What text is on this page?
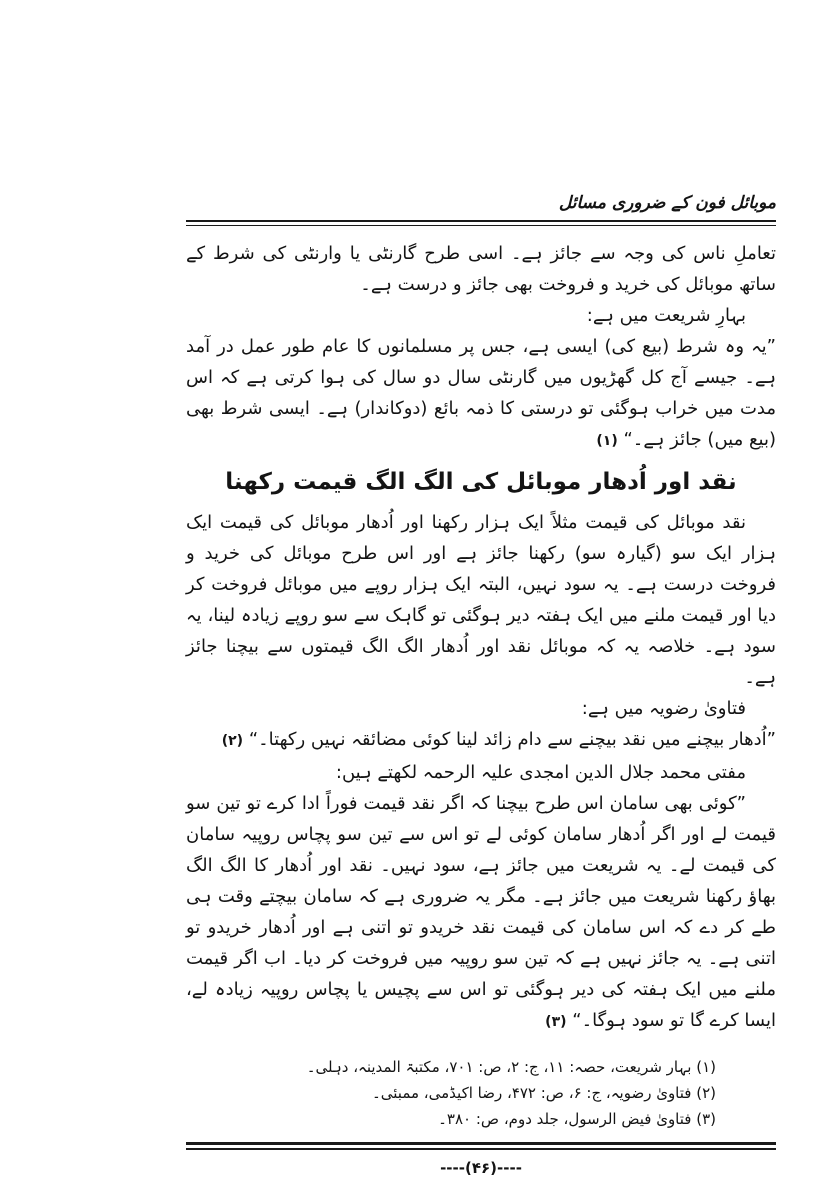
موبائل فون کے ضروری مسائل

تعاملِ ناس کی وجہ سے جائز ہے۔ اسی طرح گارنٹی یا وارنٹی کی شرط کے ساتھ موبائل کی خرید و فروخت بھی جائز و درست ہے۔

بہارِ شریعت میں ہے:

”یہ وہ شرط (بیع کی) ایسی ہے، جس پر مسلمانوں کا عام طور عمل در آمد ہے۔ جیسے آج کل گھڑیوں میں گارنٹی سال دو سال کی ہوا کرتی ہے کہ اس مدت میں خراب ہوگئی تو درستی کا ذمہ بائع (دوکاندار) ہے۔ ایسی شرط بھی (بیع میں) جائز ہے۔“ (۱)

نقد اور اُدھار موبائل کی الگ الگ قیمت رکھنا

نقد موبائل کی قیمت مثلاً ایک ہزار رکھنا اور اُدھار موبائل کی قیمت ایک ہزار ایک سو (گیارہ سو) رکھنا جائز ہے اور اس طرح موبائل کی خرید و فروخت درست ہے۔ یہ سود نہیں، البتہ ایک ہزار روپے میں موبائل فروخت کر دیا اور قیمت ملنے میں ایک ہفتہ دیر ہوگئی تو گاہک سے سو روپے زیادہ لینا، یہ سود ہے۔ خلاصہ یہ کہ موبائل نقد اور اُدھار الگ الگ قیمتوں سے بیچنا جائز ہے۔

فتاویٰ رضویہ میں ہے:

”اُدھار بیچنے میں نقد بیچنے سے دام زائد لینا کوئی مضائقہ نہیں رکھتا۔“ (۲)

مفتی محمد جلال الدین امجدی علیہ الرحمہ لکھتے ہیں:

”کوئی بھی سامان اس طرح بیچنا کہ اگر نقد قیمت فوراً ادا کرے تو تین سو قیمت لے اور اگر اُدھار سامان کوئی لے تو اس سے تین سو پچاس روپیہ سامان کی قیمت لے۔ یہ شریعت میں جائز ہے، سود نہیں۔ نقد اور اُدھار کا الگ الگ بھاؤ رکھنا شریعت میں جائز ہے۔ مگر یہ ضروری ہے کہ سامان بیچتے وقت ہی طے کر دے کہ اس سامان کی قیمت نقد خریدو تو اتنی ہے اور اُدھار خریدو تو اتنی ہے۔ یہ جائز نہیں ہے کہ تین سو روپیہ میں فروخت کر دیا۔ اب اگر قیمت ملنے میں ایک ہفتہ کی دیر ہوگئی تو اس سے پچیس یا پچاس روپیہ زیادہ لے، ایسا کرے گا تو سود ہوگا۔“ (۳)

(۱) بہار شریعت، حصہ: ۱۱، ج: ۲، ص: ۷۰۱، مکتبۃ المدینہ، دہلی۔
(۲) فتاویٰ رضویہ، ج: ۶، ص: ۴۷۲، رضا اکیڈمی، ممبئی۔
(۳) فتاویٰ فیض الرسول، جلد دوم، ص: ۳۸۰۔
----(۴۶)----
